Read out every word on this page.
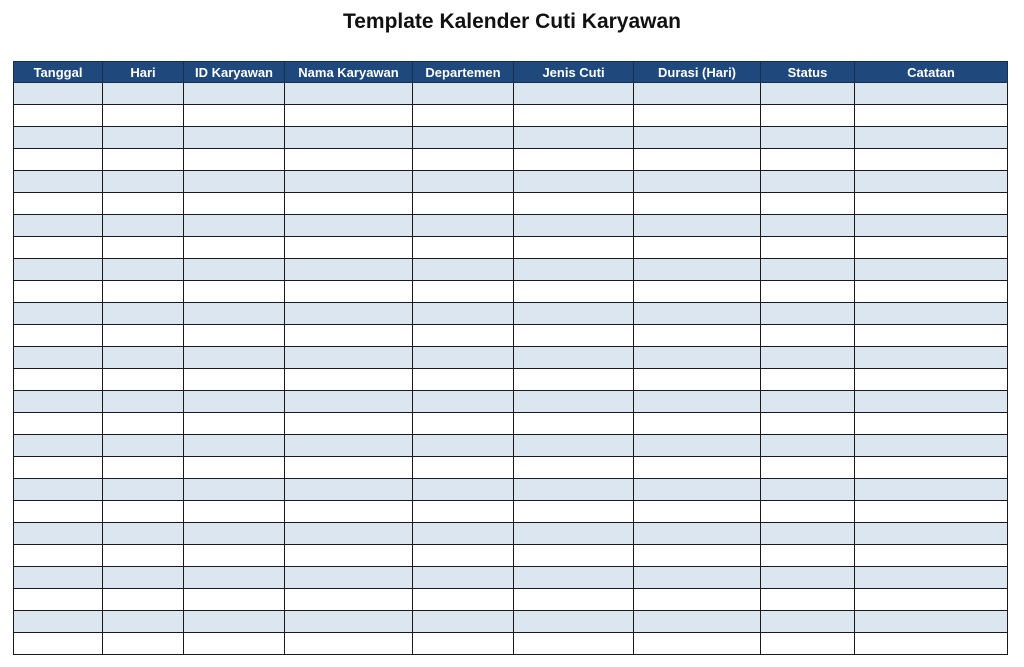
Template Kalender Cuti Karyawan
Tanggal	Hari	ID Karyawan	Nama Karyawan	Departemen	Jenis Cuti	Durasi (Hari)	Status	Catatan
